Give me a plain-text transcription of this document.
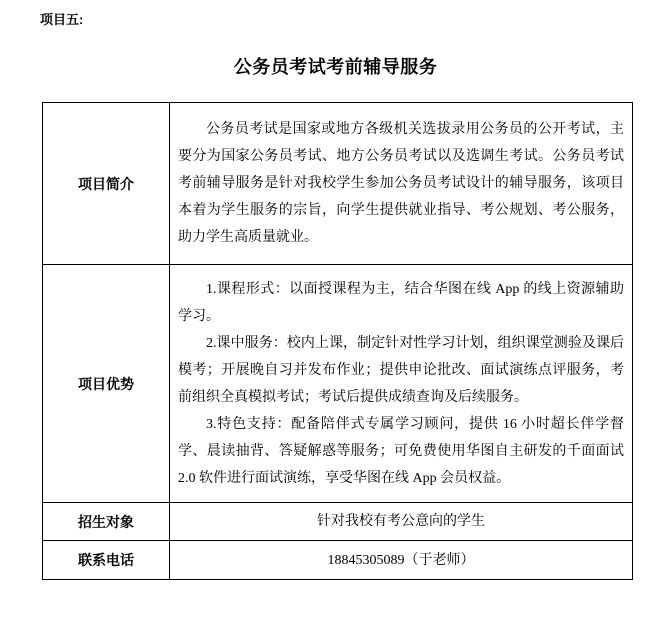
项目五:
公务员考试考前辅导服务
项目简介	公务员考试是国家或地方各级机关选拔录用公务员的公开考试，主要分为国家公务员考试、地方公务员考试以及选调生考试。公务员考试考前辅导服务是针对我校学生参加公务员考试设计的辅导服务，该项目本着为学生服务的宗旨，向学生提供就业指导、考公规划、考公服务，助力学生高质量就业。

项目优势	1.课程形式：以面授课程为主，结合华图在线 App 的线上资源辅助学习。

2.课中服务：校内上课，制定针对性学习计划，组织课堂测验及课后模考；开展晚自习并发布作业；提供申论批改、面试演练点评服务，考前组织全真模拟考试；考试后提供成绩查询及后续服务。

3.特色支持：配备陪伴式专属学习顾问，提供 16 小时超长伴学督学、晨读抽背、答疑解惑等服务；可免费使用华图自主研发的千面面试 2.0 软件进行面试演练，享受华图在线 App 会员权益。

招生对象	针对我校有考公意向的学生
联系电话	18845305089（于老师）
